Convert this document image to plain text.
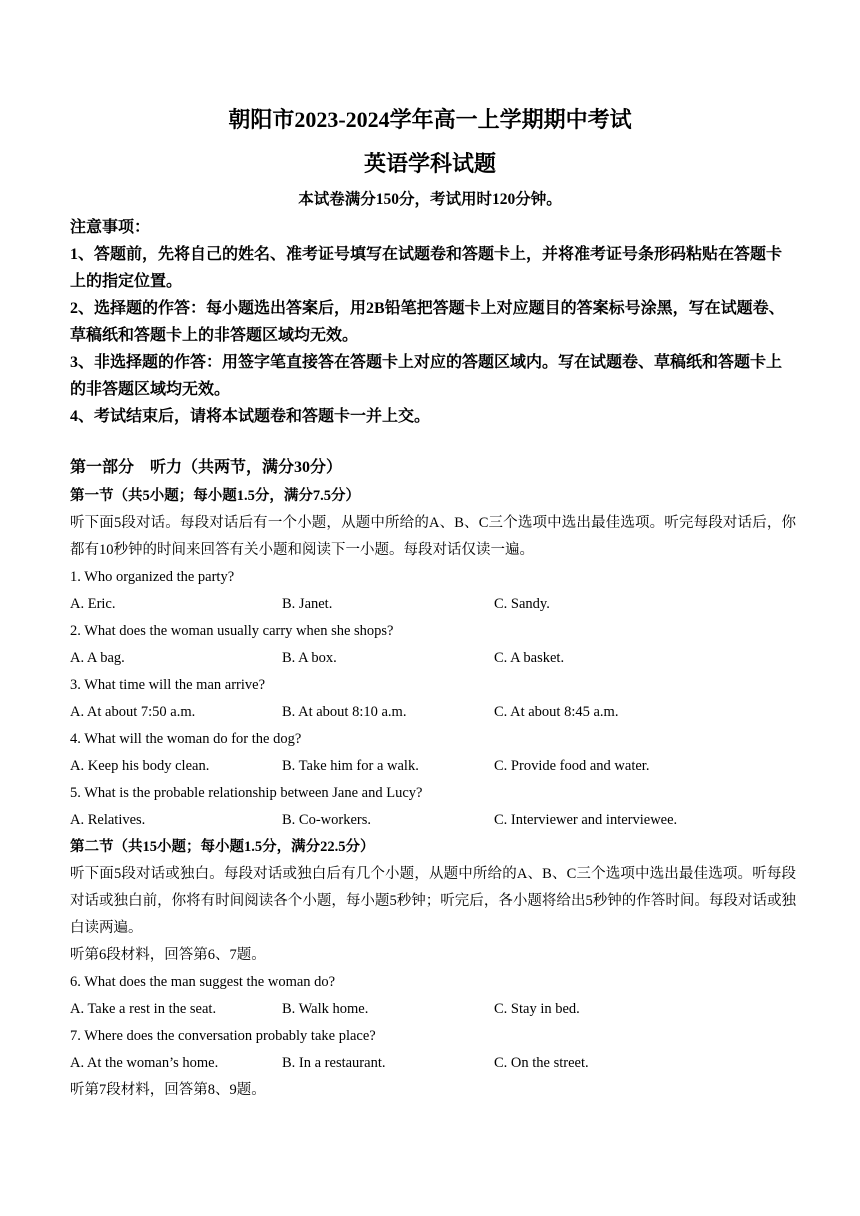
朝阳市2023-2024学年高一上学期期中考试
英语学科试题
本试卷满分150分，考试用时120分钟。

注意事项：

1、答题前，先将自己的姓名、准考证号填写在试题卷和答题卡上，并将准考证号条形码粘贴在答题卡上的指定位置。

2、选择题的作答：每小题选出答案后，用2B铅笔把答题卡上对应题目的答案标号涂黑，写在试题卷、草稿纸和答题卡上的非答题区域均无效。

3、非选择题的作答：用签字笔直接答在答题卡上对应的答题区域内。写在试题卷、草稿纸和答题卡上的非答题区域均无效。

4、考试结束后，请将本试题卷和答题卡一并上交。

第一部分　听力（共两节，满分30分）

第一节（共5小题；每小题1.5分，满分7.5分）

听下面5段对话。每段对话后有一个小题，从题中所给的A、B、C三个选项中选出最佳选项。听完每段对话后，你都有10秒钟的时间来回答有关小题和阅读下一小题。每段对话仅读一遍。

1. Who organized the party?

A. Eric.	B. Janet.	C. Sandy.

2. What does the woman usually carry when she shops?

A. A bag.	B. A box.	C. A basket.

3. What time will the man arrive?

A. At about 7:50 a.m.	B. At about 8:10 a.m.	C. At about 8:45 a.m.

4. What will the woman do for the dog?

A. Keep his body clean.	B. Take him for a walk.	C. Provide food and water.

5. What is the probable relationship between Jane and Lucy?

A. Relatives.	B. Co-workers.	C. Interviewer and interviewee.

第二节（共15小题；每小题1.5分，满分22.5分）

听下面5段对话或独白。每段对话或独白后有几个小题，从题中所给的A、B、C三个选项中选出最佳选项。听每段对话或独白前，你将有时间阅读各个小题，每小题5秒钟；听完后，各小题将给出5秒钟的作答时间。每段对话或独白读两遍。

听第6段材料，回答第6、7题。

6. What does the man suggest the woman do?

A. Take a rest in the seat.	B. Walk home.	C. Stay in bed.

7. Where does the conversation probably take place?

A. At the woman’s home.	B. In a restaurant.	C. On the street.

听第7段材料，回答第8、9题。
